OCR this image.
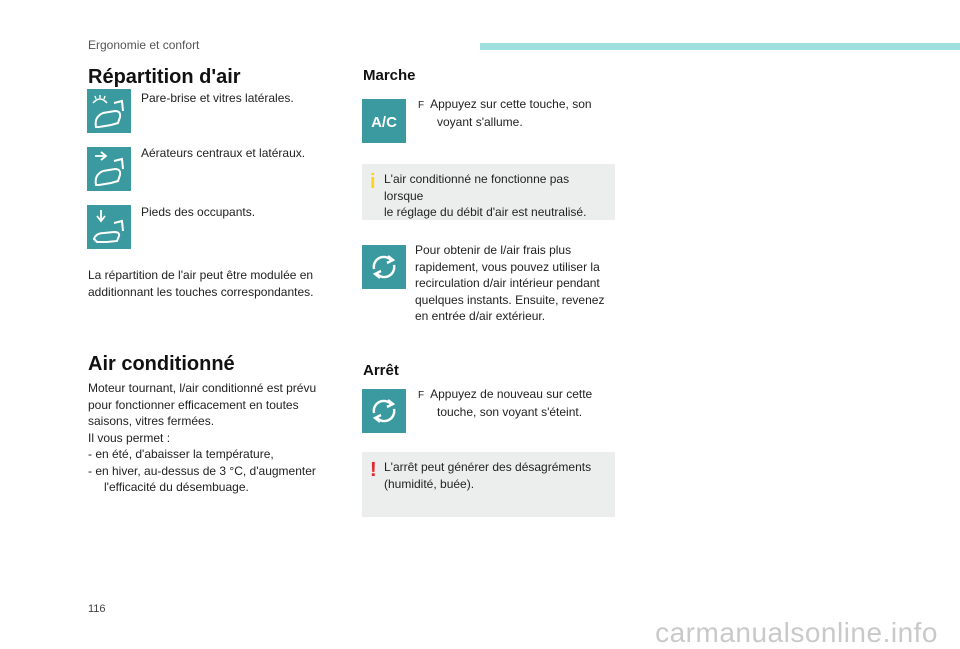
Ergonomie et confort
Répartition d'air
Pare-brise et vitres latérales.
Aérateurs centraux et latéraux.
Pieds des occupants.
La répartition de l'air peut être modulée en
additionnant les touches correspondantes.
Air conditionné
Moteur tournant, l/air conditionné est prévu
pour fonctionner efficacement en toutes
saisons, vitres fermées.
Il vous permet :
- en été, d'abaisser la température,
- en hiver, au-dessus de 3 °C, d'augmenter
l'efficacité du désembuage.
Marche
A/C
F Appuyez sur cette touche, son
voyant s'allume.
i L'air conditionné ne fonctionne pas lorsque
le réglage du débit d'air est neutralisé.
Pour obtenir de l/air frais plus
rapidement, vous pouvez utiliser la
recirculation d/air intérieur pendant
quelques instants. Ensuite, revenez
en entrée d/air extérieur.
Arrêt
F Appuyez de nouveau sur cette
touche, son voyant s'éteint.
! L'arrêt peut générer des désagréments
(humidité, buée).
116
carmanualsonline.info
